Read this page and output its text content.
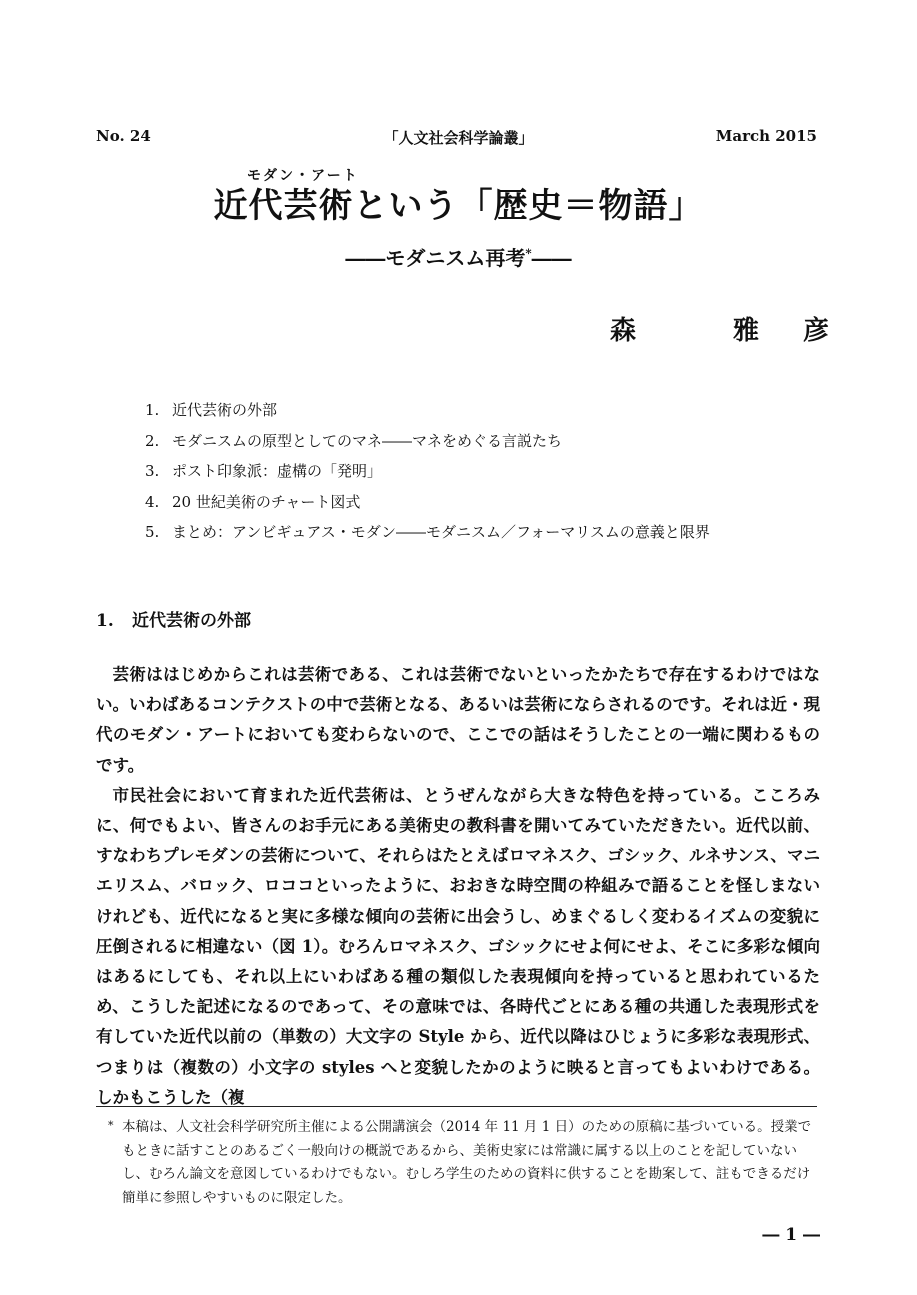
No. 24	「人文社会科学論叢」	March 2015
モダン・アート
近代芸術という「歴史＝物語」
――モダニスム再考*――
森 雅彦
1. 近代芸術の外部
2. モダニスムの原型としてのマネ――マネをめぐる言説たち
3. ポスト印象派：虚構の「発明」
4. 20 世紀美術のチャート図式
5. まとめ：アンビギュアス・モダン――モダニスム／フォーマリスムの意義と限界
1. 近代芸術の外部

芸術ははじめからこれは芸術である、これは芸術でないといったかたちで存在するわけではない。いわばあるコンテクストの中で芸術となる、あるいは芸術にならされるのです。それは近・現代のモダン・アートにおいても変わらないので、ここでの話はそうしたことの一端に関わるものです。

市民社会において育まれた近代芸術は、とうぜんながら大きな特色を持っている。こころみに、何でもよい、皆さんのお手元にある美術史の教科書を開いてみていただきたい。近代以前、すなわちプレモダンの芸術について、それらはたとえばロマネスク、ゴシック、ルネサンス、マニエリスム、バロック、ロココといったように、おおきな時空間の枠組みで語ることを怪しまないけれども、近代になると実に多様な傾向の芸術に出会うし、めまぐるしく変わるイズムの変貌に圧倒されるに相違ない（図 1）。むろんロマネスク、ゴシックにせよ何にせよ、そこに多彩な傾向はあるにしても、それ以上にいわばある種の類似した表現傾向を持っていると思われているため、こうした記述になるのであって、その意味では、各時代ごとにある種の共通した表現形式を有していた近代以前の（単数の）大文字の Style から、近代以降はひじょうに多彩な表現形式、つまりは（複数の）小文字の styles へと変貌したかのように映ると言ってもよいわけである。しかもこうした（複

* 本稿は、人文社会科学研究所主催による公開講演会（2014 年 11 月 1 日）のための原稿に基づいている。授業でもときに話すことのあるごく一般向けの概説であるから、美術史家には常識に属する以上のことを記していないし、むろん論文を意図しているわけでもない。むしろ学生のための資料に供することを勘案して、註もできるだけ簡単に参照しやすいものに限定した。
― 1 ―
